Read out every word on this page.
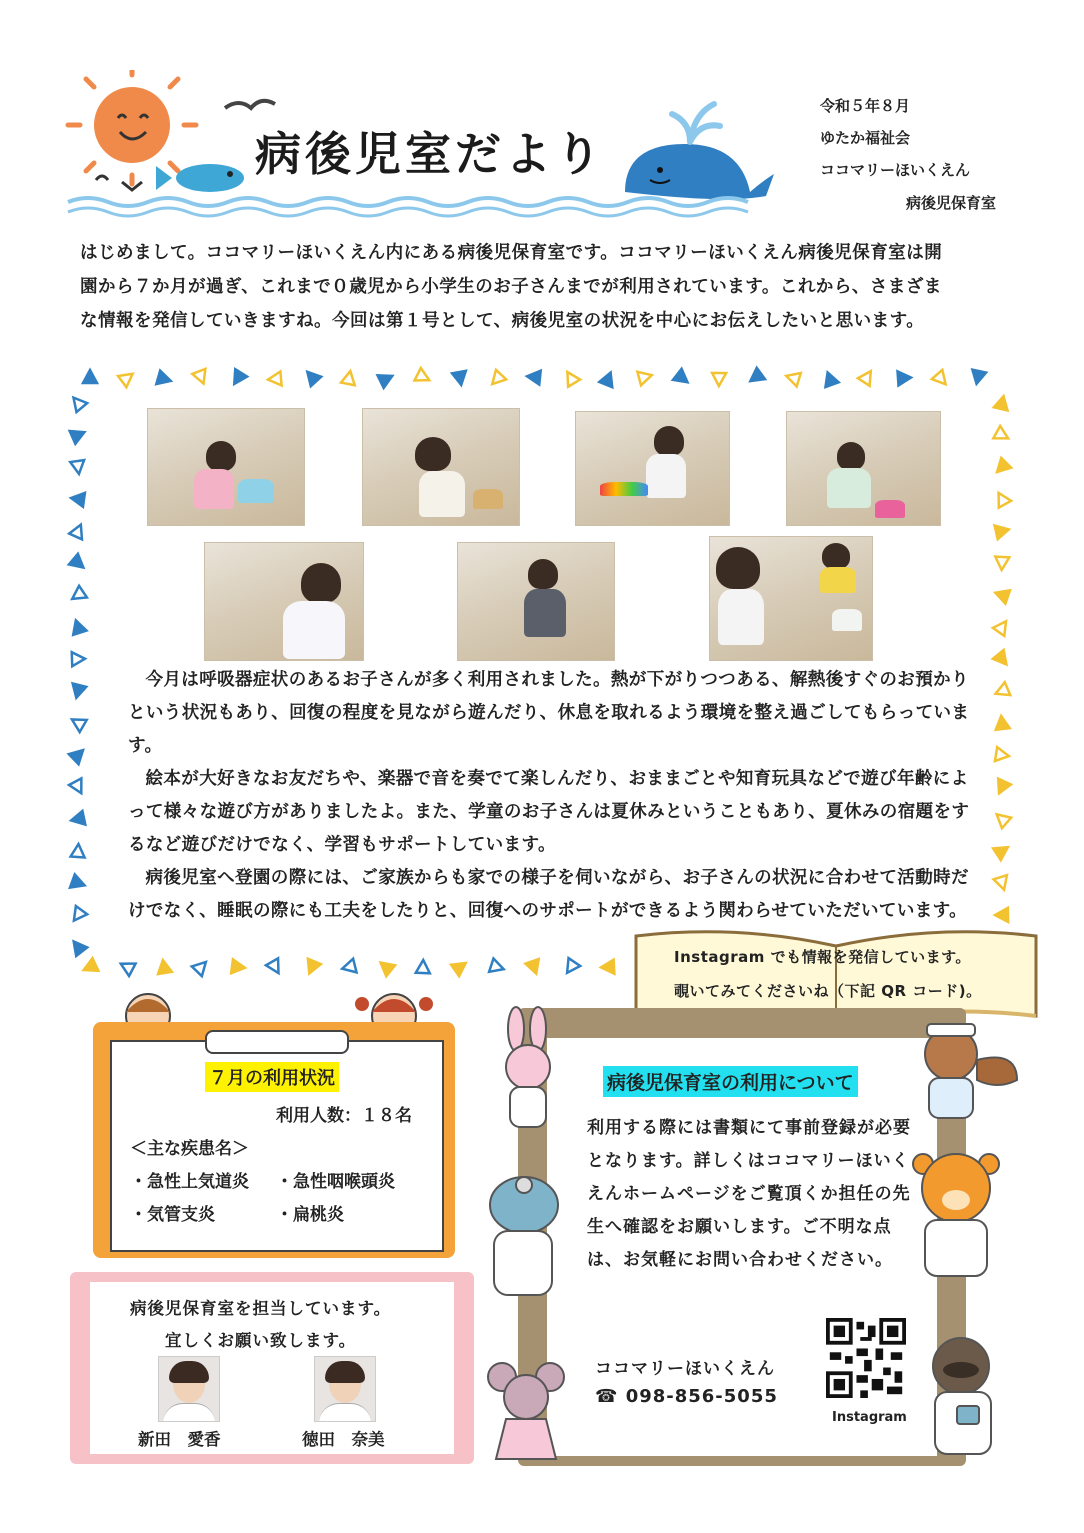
病後児室だより
令和５年８月
ゆたか福祉会
ココマリーほいくえん
病後児保育室
はじめまして。ココマリーほいくえん内にある病後児保育室です。ココマリーほいくえん病後児保育室は開
園から７か月が過ぎ、これまで０歳児から小学生のお子さんまでが利用されています。これから、さまざま
な情報を発信していきますね。今回は第１号として、病後児室の状況を中心にお伝えしたいと思います。

今月は呼吸器症状のあるお子さんが多く利用されました。熱が下がりつつある、解熱後すぐのお預かりという状況もあり、回復の程度を見ながら遊んだり、休息を取れるよう環境を整え過ごしてもらっています。

絵本が大好きなお友だちや、楽器で音を奏でて楽しんだり、おままごとや知育玩具などで遊び年齢によって様々な遊び方がありましたよ。また、学童のお子さんは夏休みということもあり、夏休みの宿題をするなど遊びだけでなく、学習もサポートしています。

病後児室へ登園の際には、ご家族からも家での様子を伺いながら、お子さんの状況に合わせて活動時だけでなく、睡眠の際にも工夫をしたりと、回復へのサポートができるよう関わらせていただいています。

Instagram でも情報を発信しています。
覗いてみてくださいね（下記 QR コード)。
７月の利用状況
利用人数：１８名
＜主な疾患名＞
・急性上気道炎 ・急性咽喉頭炎
・気管支炎	・扁桃炎
病後児保育室を担当しています。
宜しくお願い致します。
新田　愛香	徳田　奈美
病後児保育室の利用について
利用する際には書類にて事前登録が必要となります。詳しくはココマリーほいくえんホームページをご覧頂くか担任の先生へ確認をお願いします。ご不明な点は、お気軽にお問い合わせください。
ココマリーほいくえん
☎ 098-856-5055
Instagram
